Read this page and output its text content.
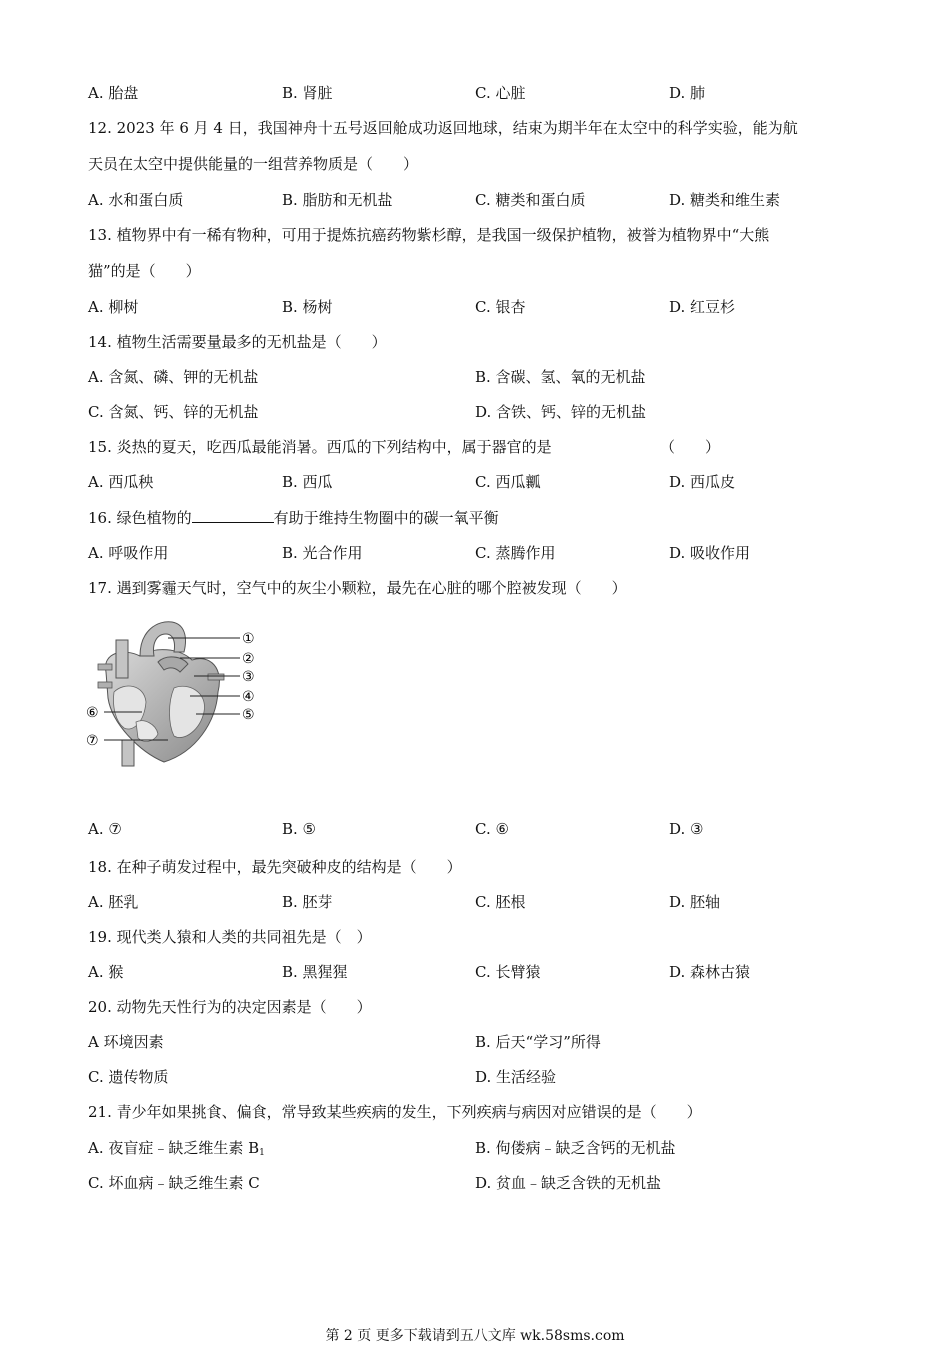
A. 胎盘	B. 肾脏	C. 心脏	D. 肺
12. 2023 年 6 月 4 日，我国神舟十五号返回舱成功返回地球，结束为期半年在太空中的科学实验，能为航
天员在太空中提供能量的一组营养物质是（　　）
A. 水和蛋白质	B. 脂肪和无机盐	C. 糖类和蛋白质	D. 糖类和维生素
13. 植物界中有一稀有物种，可用于提炼抗癌药物紫杉醇，是我国一级保护植物，被誉为植物界中“大熊
猫”的是（　　）
A. 柳树	B. 杨树	C. 银杏	D. 红豆杉
14. 植物生活需要量最多的无机盐是（　　）
A. 含氮、磷、钾的无机盐	B. 含碳、氢、氧的无机盐
C. 含氮、钙、锌的无机盐	D. 含铁、钙、锌的无机盐
15. 炎热的夏天，吃西瓜最能消暑。西瓜的下列结构中，属于器官的是	（　　）
A. 西瓜秧	B. 西瓜	C. 西瓜瓤	D. 西瓜皮
16. 绿色植物的	有助于维持生物圈中的碳一氧平衡
A. 呼吸作用	B. 光合作用	C. 蒸腾作用	D. 吸收作用
17. 遇到雾霾天气时，空气中的灰尘小颗粒，最先在心脏的哪个腔被发现（　　）
①
②
③
④
⑤
⑥
⑦
A. ⑦	B. ⑤	C. ⑥	D. ③
18. 在种子萌发过程中，最先突破种皮的结构是（　　）
A. 胚乳	B. 胚芽	C. 胚根	D. 胚轴
19. 现代类人猿和人类的共同祖先是（　）
A. 猴	B. 黑猩猩	C. 长臂猿	D. 森林古猿
20. 动物先天性行为的决定因素是（　　）
A 环境因素	B. 后天“学习”所得
C. 遗传物质	D. 生活经验
21. 青少年如果挑食、偏食，常导致某些疾病的发生，下列疾病与病因对应错误的是（　　）
A. 夜盲症﹣缺乏维生素 $B_1$	B. 佝偻病﹣缺乏含钙的无机盐
C. 坏血病﹣缺乏维生素 C	D. 贫血﹣缺乏含铁的无机盐
第 2 页 更多下载请到五八文库 wk.58sms.com
